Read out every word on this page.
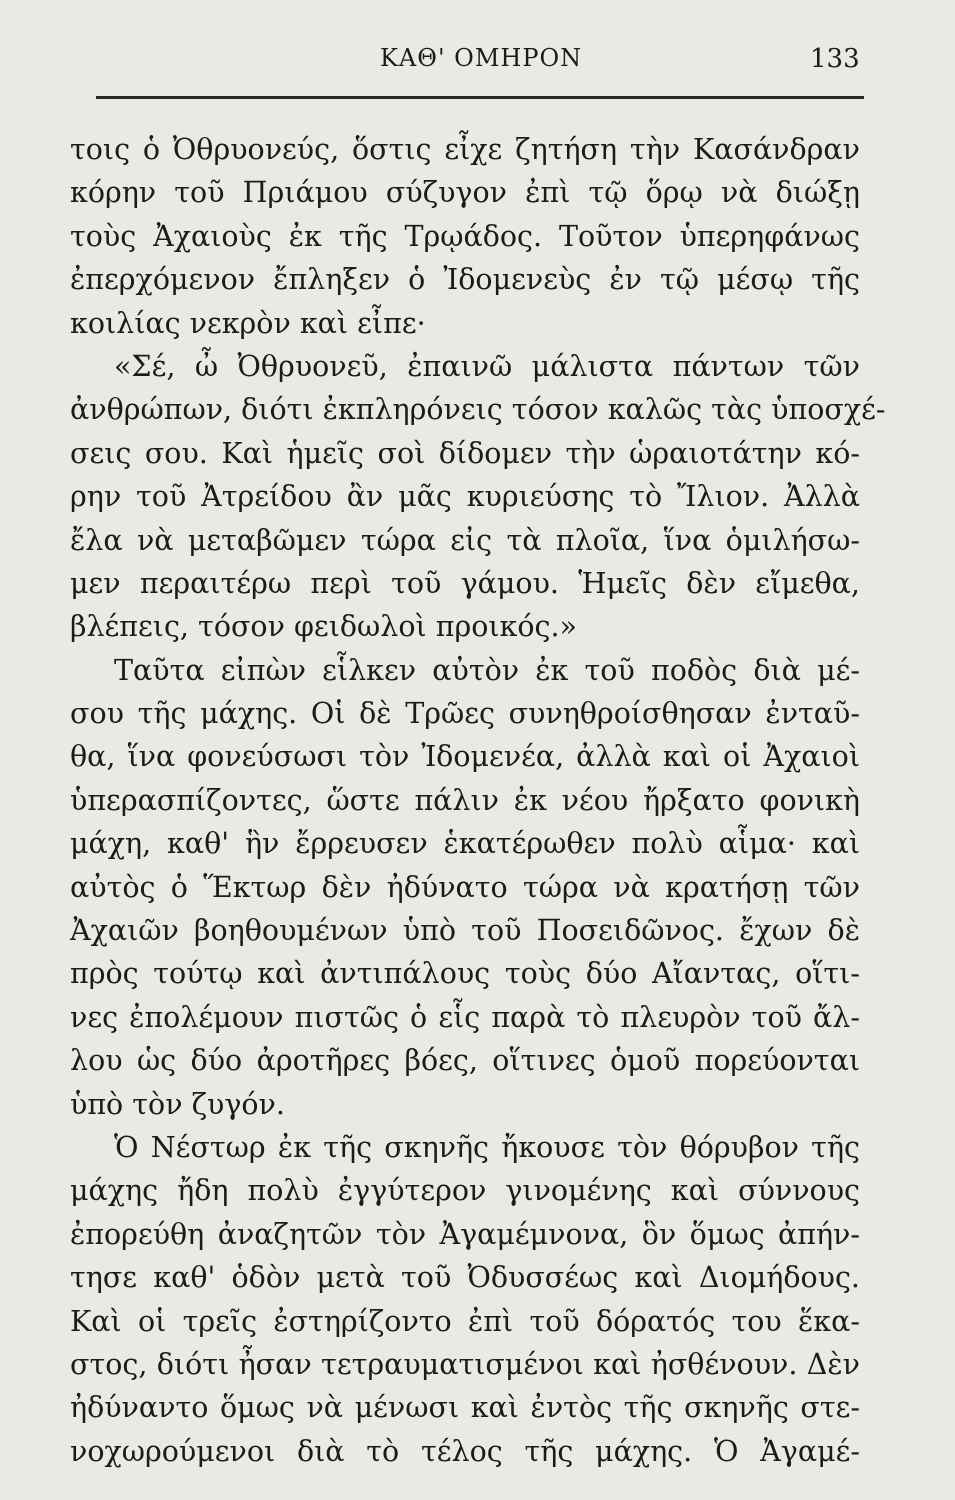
ΚΑΘ' ΟΜΗΡΟΝ	133
τοις ὁ Ὀθρυονεύς, ὅστις εἶχε ζητήση τὴν Κασάνδραν
κόρην τοῦ Πριάμου σύζυγον ἐπὶ τῷ ὅρῳ νὰ διώξῃ
τοὺς Ἀχαιοὺς ἐκ τῆς Τρῳάδος. Τοῦτον ὑπερηφάνως
ἐπερχόμενον ἔπληξεν ὁ Ἰδομενεὺς ἐν τῷ μέσῳ τῆς
κοιλίας νεκρὸν καὶ εἶπε·
«Σέ, ὦ Ὀθρυονεῦ, ἐπαινῶ μάλιστα πάντων τῶν
ἀνθρώπων, διότι ἐκπληρόνεις τόσον καλῶς τὰς ὑποσχέ-
σεις σου. Καὶ ἡμεῖς σοὶ δίδομεν τὴν ὡραιοτάτην κό-
ρην τοῦ Ἀτρείδου ἂν μᾶς κυριεύσης τὸ Ἴλιον. Ἀλλὰ
ἔλα νὰ μεταβῶμεν τώρα εἰς τὰ πλοῖα, ἵνα ὁμιλήσω-
μεν περαιτέρω περὶ τοῦ γάμου. Ἡμεῖς δὲν εἴμεθα,
βλέπεις, τόσον φειδωλοὶ προικός.»
Ταῦτα εἰπὼν εἷλκεν αὐτὸν ἐκ τοῦ ποδὸς διὰ μέ-
σου τῆς μάχης. Οἱ δὲ Τρῶες συνηθροίσθησαν ἐνταῦ-
θα, ἵνα φονεύσωσι τὸν Ἰδομενέα, ἀλλὰ καὶ οἱ Ἀχαιοὶ
ὑπερασπίζοντες, ὥστε πάλιν ἐκ νέου ἤρξατο φονικὴ
μάχη, καθ' ἣν ἔρρευσεν ἑκατέρωθεν πολὺ αἷμα· καὶ
αὐτὸς ὁ Ἕκτωρ δὲν ἠδύνατο τώρα νὰ κρατήσῃ τῶν
Ἀχαιῶν βοηθουμένων ὑπὸ τοῦ Ποσειδῶνος. ἔχων δὲ
πρὸς τούτῳ καὶ ἀντιπάλους τοὺς δύο Αἴαντας, οἵτι-
νες ἐπολέμουν πιστῶς ὁ εἷς παρὰ τὸ πλευρὸν τοῦ ἄλ-
λου ὡς δύο ἀροτῆρες βόες, οἵτινες ὁμοῦ πορεύονται
ὑπὸ τὸν ζυγόν.
Ὁ Νέστωρ ἐκ τῆς σκηνῆς ἤκουσε τὸν θόρυβον τῆς
μάχης ἤδη πολὺ ἐγγύτερον γινομένης καὶ σύννους
ἐπορεύθη ἀναζητῶν τὸν Ἀγαμέμνονα, ὃν ὅμως ἀπήν-
τησε καθ' ὁδὸν μετὰ τοῦ Ὀδυσσέως καὶ Διομήδους.
Καὶ οἱ τρεῖς ἐστηρίζοντο ἐπὶ τοῦ δόρατός του ἕκα-
στος, διότι ἦσαν τετραυματισμένοι καὶ ἠσθένουν. Δὲν
ἠδύναντο ὅμως νὰ μένωσι καὶ ἐντὸς τῆς σκηνῆς στε-
νοχωρούμενοι διὰ τὸ τέλος τῆς μάχης. Ὁ Ἀγαμέ-
